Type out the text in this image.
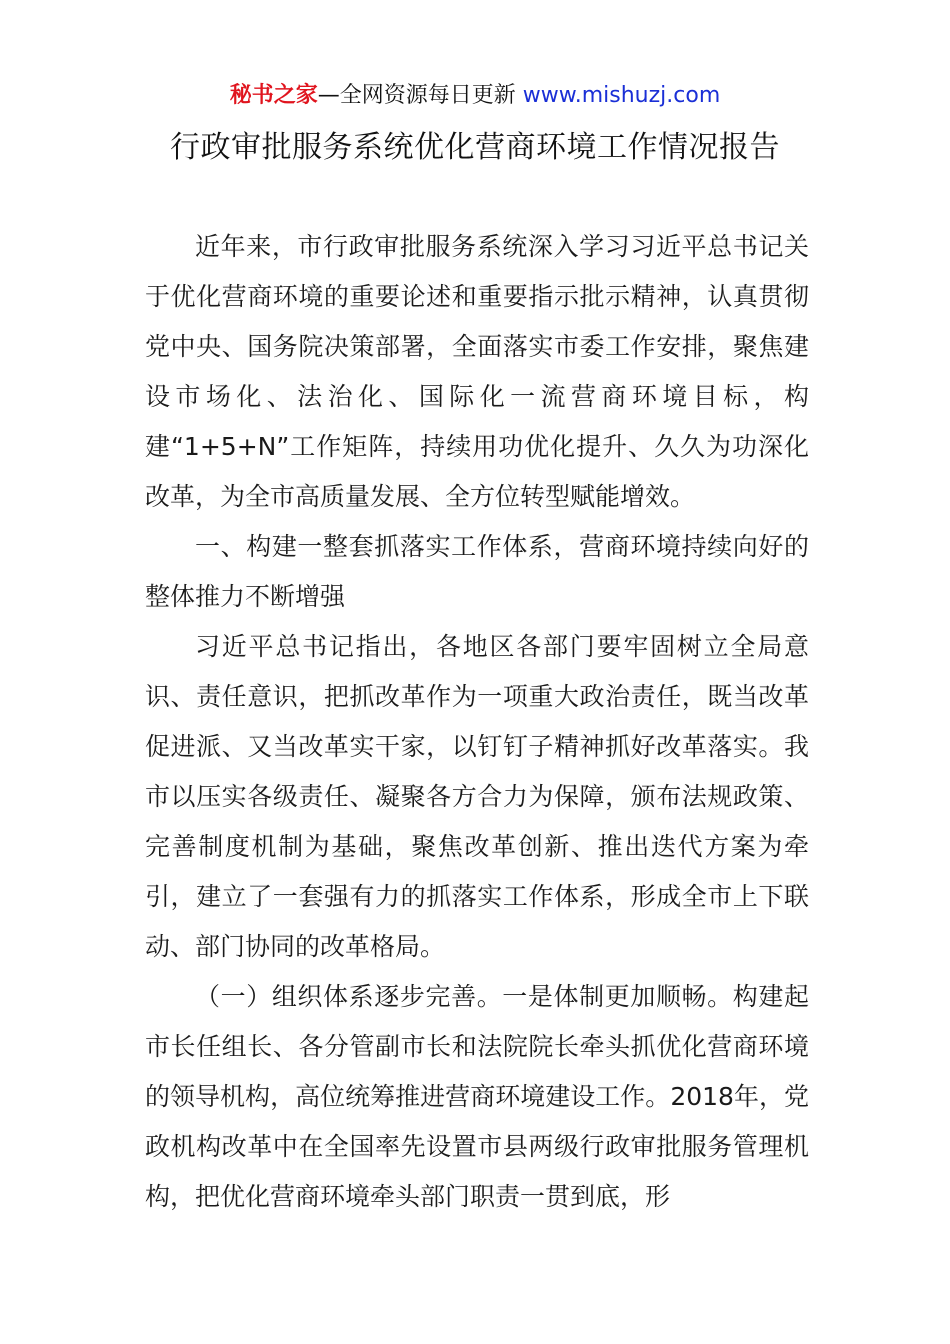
秘书之家—全网资源每日更新 www.mishuzj.com
行政审批服务系统优化营商环境工作情况报告

近年来，市行政审批服务系统深入学习习近平总书记关于优化营商环境的重要论述和重要指示批示精神，认真贯彻党中央、国务院决策部署，全面落实市委工作安排，聚焦建设市场化、法治化、国际化一流营商环境目标，构建“1+5+N”工作矩阵，持续用功优化提升、久久为功深化改革，为全市高质量发展、全方位转型赋能增效。

一、构建一整套抓落实工作体系，营商环境持续向好的整体推力不断增强

习近平总书记指出，各地区各部门要牢固树立全局意识、责任意识，把抓改革作为一项重大政治责任，既当改革促进派、又当改革实干家，以钉钉子精神抓好改革落实。我市以压实各级责任、凝聚各方合力为保障，颁布法规政策、完善制度机制为基础，聚焦改革创新、推出迭代方案为牵引，建立了一套强有力的抓落实工作体系，形成全市上下联动、部门协同的改革格局。

（一）组织体系逐步完善。一是体制更加顺畅。构建起市长任组长、各分管副市长和法院院长牵头抓优化营商环境的领导机构，高位统筹推进营商环境建设工作。2018年，党政机构改革中在全国率先设置市县两级行政审批服务管理机构，把优化营商环境牵头部门职责一贯到底，形
